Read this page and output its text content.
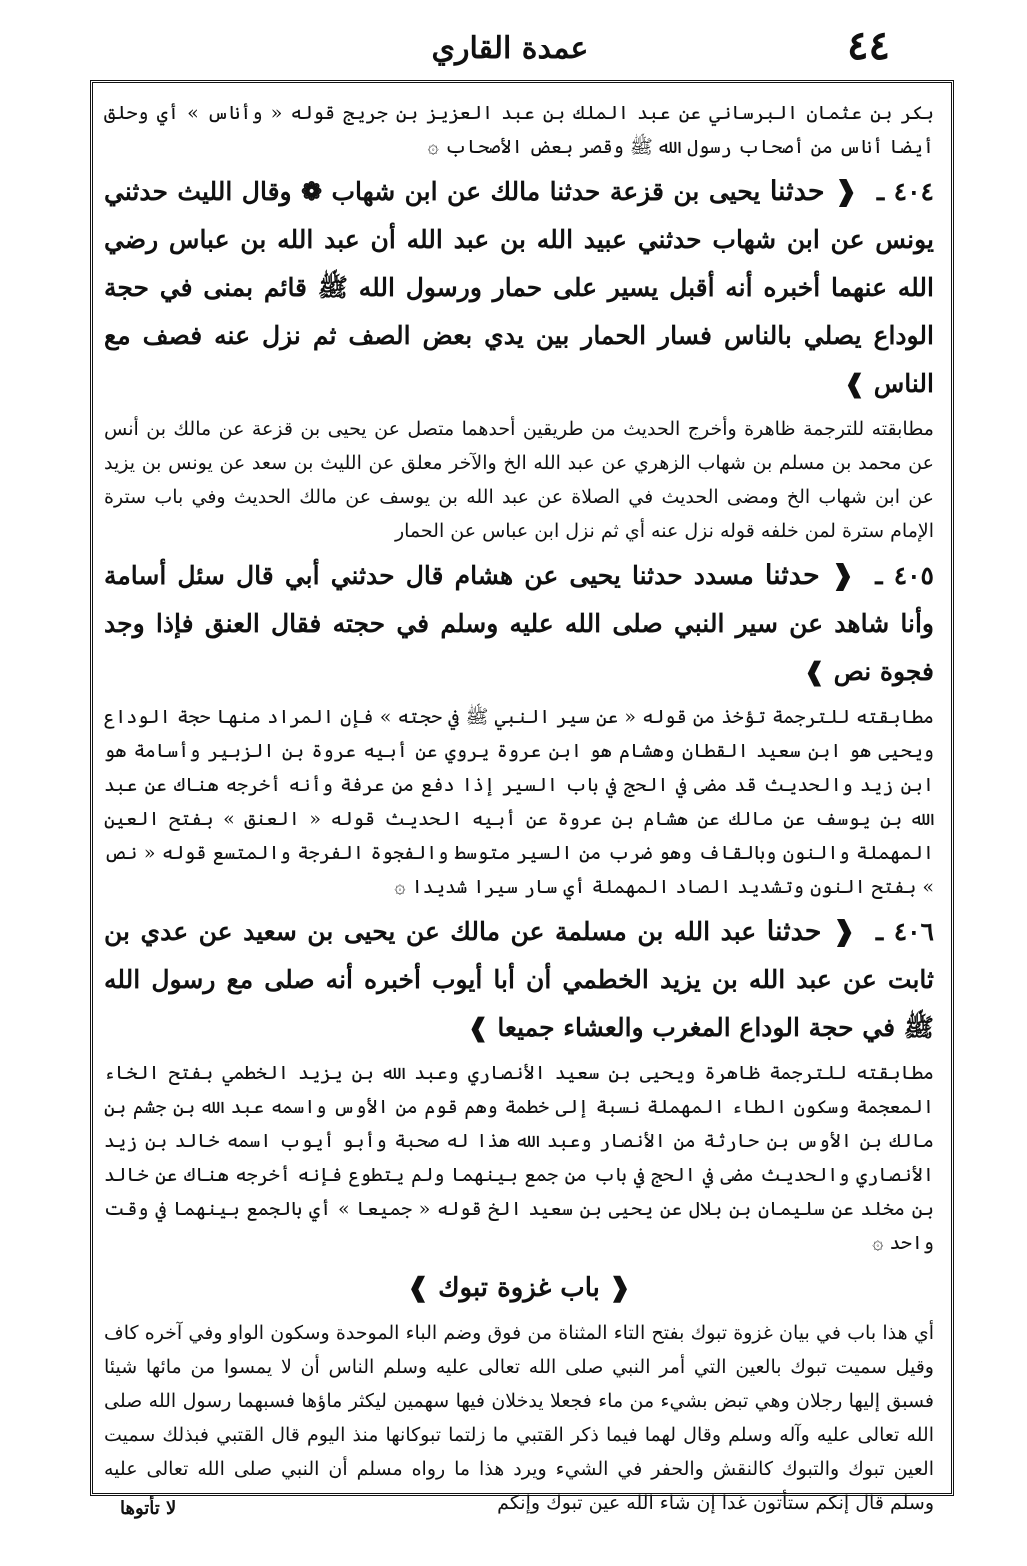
عمدة القاري	٤٤

بكر بن عثمان البرساني عن عبد الملك بن عبد العزيز بن جريج قوله « وأناس » أي وحلق أيضا أناس من أصحاب رسول الله ﷺ وقصر بعض الأصحاب ۞

٤٠٤ ـ ❰ حدثنا يحيى بن قزعة حدثنا مالك عن ابن شهاب ❁ وقال الليث حدثني يونس عن ابن شهاب حدثني عبيد الله بن عبد الله أن عبد الله بن عباس رضي الله عنهما أخبره أنه أقبل يسير على حمار ورسول الله ﷺ قائم بمنى في حجة الوداع يصلي بالناس فسار الحمار بين يدي بعض الصف ثم نزل عنه فصف مع الناس ❱

مطابقته للترجمة ظاهرة وأخرج الحديث من طريقين أحدهما متصل عن يحيى بن قزعة عن مالك بن أنس عن محمد بن مسلم بن شهاب الزهري عن عبد الله الخ والآخر معلق عن الليث بن سعد عن يونس بن يزيد عن ابن شهاب الخ ومضى الحديث في الصلاة عن عبد الله بن يوسف عن مالك الحديث وفي باب سترة الإمام سترة لمن خلفه قوله نزل عنه أي ثم نزل ابن عباس عن الحمار

٤٠٥ ـ ❰ حدثنا مسدد حدثنا يحيى عن هشام قال حدثني أبي قال سئل أسامة وأنا شاهد عن سير النبي صلى الله عليه وسلم في حجته فقال العنق فإذا وجد فجوة نص ❱

مطابقته للترجمة تؤخذ من قوله « عن سير النبي ﷺ في حجته » فإن المراد منها حجة الوداع ويحيى هو ابن سعيد القطان وهشام هو ابن عروة يروي عن أبيه عروة بن الزبير وأسامة هو ابن زيد والحديث قد مضى في الحج في باب السير إذا دفع من عرفة وأنه أخرجه هناك عن عبد الله بن يوسف عن مالك عن هشام بن عروة عن أبيه الحديث قوله « العنق » بفتح العين المهملة والنون وبالقاف وهو ضرب من السير متوسط والفجوة الفرجة والمتسع قوله « نص » بفتح النون وتشديد الصاد المهملة أي سار سيرا شديدا ۞

٤٠٦ ـ ❰ حدثنا عبد الله بن مسلمة عن مالك عن يحيى بن سعيد عن عدي بن ثابت عن عبد الله بن يزيد الخطمي أن أبا أيوب أخبره أنه صلى مع رسول الله ﷺ في حجة الوداع المغرب والعشاء جميعا ❱

مطابقته للترجمة ظاهرة ويحيى بن سعيد الأنصاري وعبد الله بن يزيد الخطمي بفتح الخاء المعجمة وسكون الطاء المهملة نسبة إلى خطمة وهم قوم من الأوس واسمه عبد الله بن جشم بن مالك بن الأوس بن حارثة من الأنصار وعبد الله هذا له صحبة وأبو أيوب اسمه خالد بن زيد الأنصاري والحديث مضى في الحج في باب من جمع بينهما ولم يتطوع فإنه أخرجه هناك عن خالد بن مخلد عن سليمان بن بلال عن يحيى بن سعيد الخ قوله « جميعا » أي بالجمع بينهما في وقت واحد ۞

❰ باب غزوة تبوك ❱

أي هذا باب في بيان غزوة تبوك بفتح التاء المثناة من فوق وضم الباء الموحدة وسكون الواو وفي آخره كاف وقيل سميت تبوك بالعين التي أمر النبي صلى الله تعالى عليه وسلم الناس أن لا يمسوا من مائها شيئا فسبق إليها رجلان وهي تبض بشيء من ماء فجعلا يدخلان فيها سهمين ليكثر ماؤها فسبهما رسول الله صلى الله تعالى عليه وآله وسلم وقال لهما فيما ذكر القتبي ما زلتما تبوكانها منذ اليوم قال القتبي فبذلك سميت العين تبوك والتبوك كالنقش والحفر في الشيء ويرد هذا ما رواه مسلم أن النبي صلى الله تعالى عليه وسلم قال إنكم ستأتون غدا إن شاء الله عين تبوك وإنكم

لا تأتوها
